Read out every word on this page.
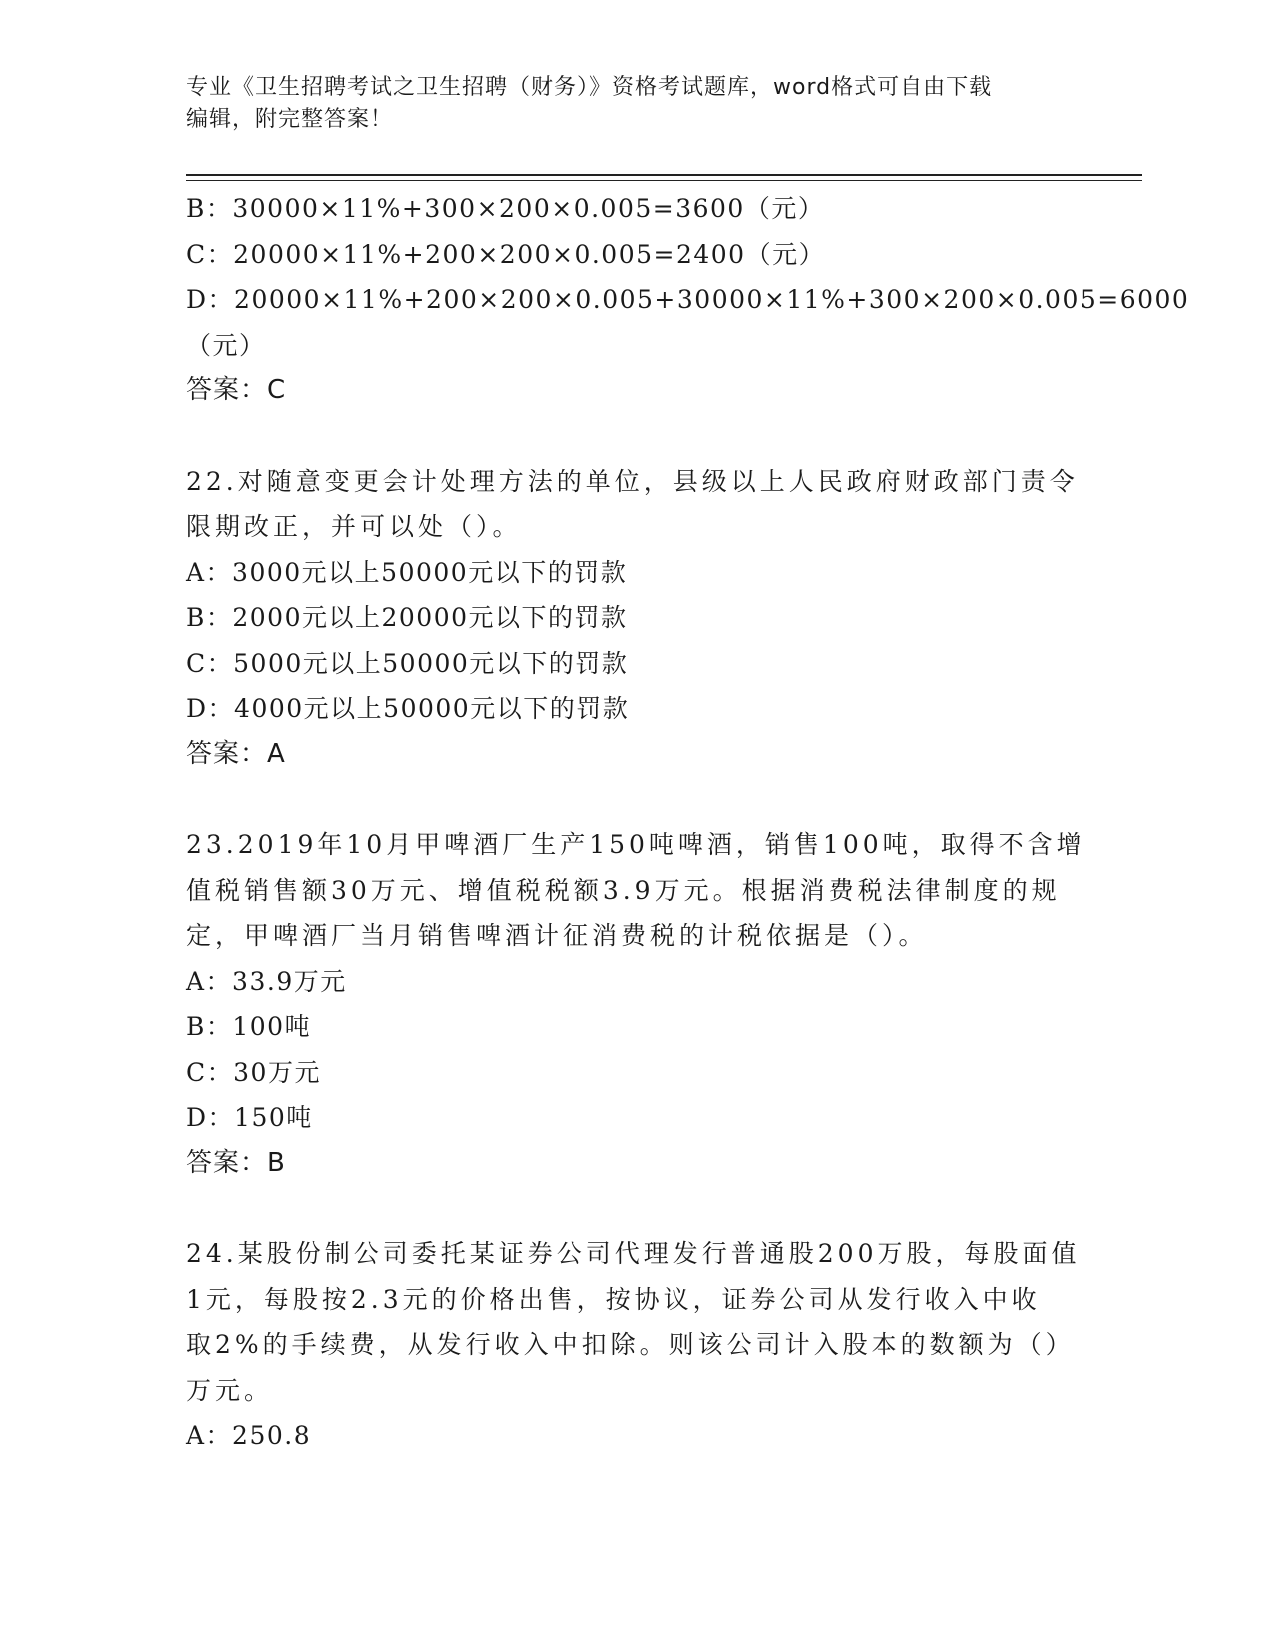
专业《卫生招聘考试之卫生招聘（财务）》资格考试题库，word格式可自由下载
编辑，附完整答案！
B：30000×11%+300×200×0.005=3600（元）
C：20000×11%+200×200×0.005=2400（元）
D：20000×11%+200×200×0.005+30000×11%+300×200×0.005=6000
（元）
答案：C
22.对随意变更会计处理方法的单位，县级以上人民政府财政部门责令
限期改正，并可以处（）。
A：3000元以上50000元以下的罚款
B：2000元以上20000元以下的罚款
C：5000元以上50000元以下的罚款
D：4000元以上50000元以下的罚款
答案：A
23.2019年10月甲啤酒厂生产150吨啤酒，销售100吨，取得不含增
值税销售额30万元、增值税税额3.9万元。根据消费税法律制度的规
定，甲啤酒厂当月销售啤酒计征消费税的计税依据是（）。
A：33.9万元
B：100吨
C：30万元
D：150吨
答案：B
24.某股份制公司委托某证券公司代理发行普通股200万股，每股面值
1元，每股按2.3元的价格出售，按协议，证券公司从发行收入中收
取2%的手续费，从发行收入中扣除。则该公司计入股本的数额为（）
万元。
A：250.8
